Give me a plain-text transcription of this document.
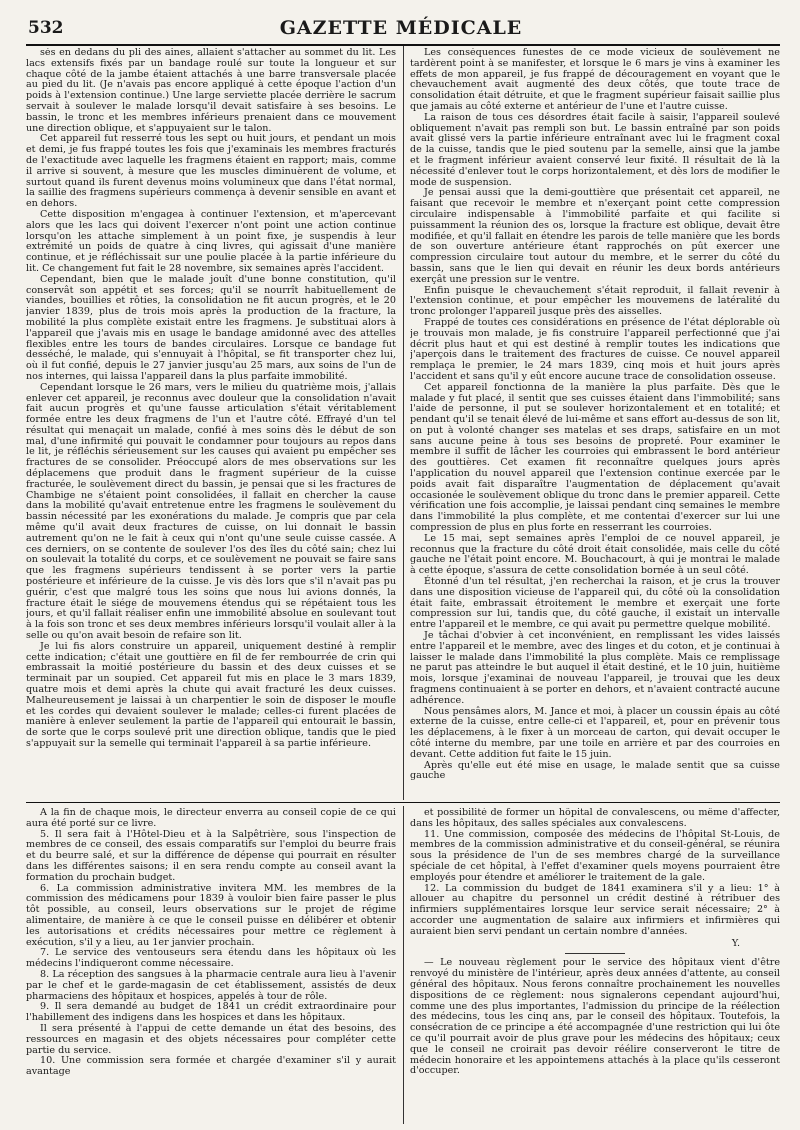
532	GAZETTE MÉDICALE

sés en dedans du pli des aines, allaient s'attacher au sommet du lit. Les lacs extensifs fixés par un bandage roulé sur toute la longueur et sur chaque côté de la jambe étaient attachés à une barre transversale placée au pied du lit. (Je n'avais pas encore appliqué à cette époque l'action d'un poids à l'extension continue.) Une large serviette placée derrière le sacrum servait à soulever le malade lorsqu'il devait satisfaire à ses besoins. Le bassin, le tronc et les membres inférieurs prenaient dans ce mouvement une direction oblique, et s'appuyaient sur le talon.

Cet appareil fut resserré tous les sept ou huit jours, et pendant un mois et demi, je fus frappé toutes les fois que j'examinais les membres fracturés de l'exactitude avec laquelle les fragmens étaient en rapport; mais, comme il arrive si souvent, à mesure que les muscles diminuèrent de volume, et surtout quand ils furent devenus moins volumineux que dans l'état normal, la saillie des fragmens supérieurs commença à devenir sensible en avant et en dehors.

Cette disposition m'engagea à continuer l'extension, et m'apercevant alors que les lacs qui doivent l'exercer n'ont point une action continue lorsqu'on les attache simplement à un point fixe, je suspendis à leur extrémité un poids de quatre à cinq livres, qui agissait d'une manière continue, et je réfléchissait sur une poulie placée à la partie inférieure du lit. Ce changement fut fait le 28 novembre, six semaines après l'accident.

Cependant, bien que le malade jouît d'une bonne constitution, qu'il conservât son appétit et ses forces; qu'il se nourrît habituellement de viandes, bouillies et rôties, la consolidation ne fit aucun progrès, et le 20 janvier 1839, plus de trois mois après la production de la fracture, la mobilité la plus complète existait entre les fragmens. Je substituai alors à l'appareil que j'avais mis en usage le bandage amidonné avec des attelles flexibles entre les tours de bandes circulaires. Lorsque ce bandage fut desséché, le malade, qui s'ennuyait à l'hôpital, se fit transporter chez lui, où il fut confié, depuis le 27 janvier jusqu'au 25 mars, aux soins de l'un de nos internes, qui laissa l'appareil dans la plus parfaite immobilité.

Cependant lorsque le 26 mars, vers le milieu du quatrième mois, j'allais enlever cet appareil, je reconnus avec douleur que la consolidation n'avait fait aucun progrès et qu'une fausse articulation s'était véritablement formée entre les deux fragmens de l'un et l'autre côté. Effrayé d'un tel résultat qui menaçait un malade, confié à mes soins dès le début de son mal, d'une infirmité qui pouvait le condamner pour toujours au repos dans le lit, je réfléchis sérieusement sur les causes qui avaient pu empêcher ses fractures de se consolider. Préoccupé alors de mes observations sur les déplacemens que produit dans le fragment supérieur de la cuisse fracturée, le soulèvement direct du bassin, je pensai que si les fractures de Chambige ne s'étaient point consolidées, il fallait en chercher la cause dans la mobilité qu'avait entretenue entre les fragmens le soulèvement du bassin nécessité par les exonérations du malade. Je compris que par cela même qu'il avait deux fractures de cuisse, on lui donnait le bassin autrement qu'on ne le fait à ceux qui n'ont qu'une seule cuisse cassée. A ces derniers, on se contente de soulever l'os des îles du côté sain; chez lui on soulevait la totalité du corps, et ce soulèvement ne pouvait se faire sans que les fragmens supérieurs tendissent à se porter vers la partie postérieure et inférieure de la cuisse. Je vis dès lors que s'il n'avait pas pu guérir, c'est que malgré tous les soins que nous lui avions donnés, la fracture était le siége de mouvemens étendus qui se répétaient tous les jours, et qu'il fallait réaliser enfin une immobilité absolue en soulevant tout à la fois son tronc et ses deux membres inférieurs lorsqu'il voulait aller à la selle ou qu'on avait besoin de refaire son lit.

Je lui fis alors construire un appareil, uniquement destiné à remplir cette indication; c'était une gouttière en fil de fer rembourrée de crin qui embrassait la moitié postérieure du bassin et des deux cuisses et se terminait par un soupied. Cet appareil fut mis en place le 3 mars 1839, quatre mois et demi après la chute qui avait fracturé les deux cuisses. Malheureusement je laissai à un charpentier le soin de disposer le moufle et les cordes qui devaient soulever le malade; celles-ci furent placées de manière à enlever seulement la partie de l'appareil qui entourait le bassin, de sorte que le corps soulevé prit une direction oblique, tandis que le pied s'appuyait sur la semelle qui terminait l'appareil à sa partie inférieure.

Les conséquences funestes de ce mode vicieux de soulèvement ne tardèrent point à se manifester, et lorsque le 6 mars je vins à examiner les effets de mon appareil, je fus frappé de découragement en voyant que le chevauchement avait augmenté des deux côtés, que toute trace de consolidation était détruite, et que le fragment supérieur faisait saillie plus que jamais au côté externe et antérieur de l'une et l'autre cuisse.

La raison de tous ces désordres était facile à saisir, l'appareil soulevé obliquement n'avait pas rempli son but. Le bassin entraîné par son poids avait glissé vers la partie inférieure entraînant avec lui le fragment coxal de la cuisse, tandis que le pied soutenu par la semelle, ainsi que la jambe et le fragment inférieur avaient conservé leur fixité. Il résultait de là la nécessité d'enlever tout le corps horizontalement, et dès lors de modifier le mode de suspension.

Je pensai aussi que la demi-gouttière que présentait cet appareil, ne faisant que recevoir le membre et n'exerçant point cette compression circulaire indispensable à l'immobilité parfaite et qui facilite si puissamment la réunion des os, lorsque la fracture est oblique, devait être modifiée, et qu'il fallait en étendre les parois de telle manière que les bords de son ouverture antérieure étant rapprochés on pût exercer une compression circulaire tout autour du membre, et le serrer du côté du bassin, sans que le lien qui devait en réunir les deux bords antérieurs exerçât une pression sur le ventre.

Enfin puisque le chevauchement s'était reproduit, il fallait revenir à l'extension continue, et pour empêcher les mouvemens de latéralité du tronc prolonger l'appareil jusque près des aisselles.

Frappé de toutes ces considérations en présence de l'état déplorable où je trouvais mon malade, je fis construire l'appareil perfectionné que j'ai décrit plus haut et qui est destiné à remplir toutes les indications que j'aperçois dans le traitement des fractures de cuisse. Ce nouvel appareil remplaça le premier, le 24 mars 1839, cinq mois et huit jours après l'accident et sans qu'il y eût encore aucune trace de consolidation osseuse.

Cet appareil fonctionna de la manière la plus parfaite. Dès que le malade y fut placé, il sentit que ses cuisses étaient dans l'immobilité; sans l'aide de personne, il put se soulever horizontalement et en totalité; et pendant qu'il se tenait élevé de lui-même et sans effort au-dessus de son lit, on put à volonté changer ses matelas et ses draps, satisfaire en un mot sans aucune peine à tous ses besoins de propreté. Pour examiner le membre il suffit de lâcher les courroies qui embrassent le bord antérieur des gouttières. Cet examen fit reconnaître quelques jours après l'application du nouvel appareil que l'extension continue exercée par le poids avait fait disparaître l'augmentation de déplacement qu'avait occasionée le soulèvement oblique du tronc dans le premier appareil. Cette vérification une fois accomplie, je laissai pendant cinq semaines le membre dans l'immobilité la plus complète, et me contentai d'exercer sur lui une compression de plus en plus forte en resserrant les courroies.

Le 15 mai, sept semaines après l'emploi de ce nouvel appareil, je reconnus que la fracture du côté droit était consolidée, mais celle du côté gauche ne l'était point encore. M. Bouchacourt, à qui je montrai le malade à cette époque, s'assura de cette consolidation bornée à un seul côté.

Étonné d'un tel résultat, j'en recherchai la raison, et je crus la trouver dans une disposition vicieuse de l'appareil qui, du côté où la consolidation était faite, embrassait étroitement le membre et exerçait une forte compression sur lui, tandis que, du côté gauche, il existait un intervalle entre l'appareil et le membre, ce qui avait pu permettre quelque mobilité.

Je tâchai d'obvier à cet inconvénient, en remplissant les vides laissés entre l'appareil et le membre, avec des linges et du coton, et je continuai à laisser le malade dans l'immobilité la plus complète. Mais ce remplissage ne parut pas atteindre le but auquel il était destiné, et le 10 juin, huitième mois, lorsque j'examinai de nouveau l'appareil, je trouvai que les deux fragmens continuaient à se porter en dehors, et n'avaient contracté aucune adhérence.

Nous pensâmes alors, M. Jance et moi, à placer un coussin épais au côté externe de la cuisse, entre celle-ci et l'appareil, et, pour en prévenir tous les déplacemens, à le fixer à un morceau de carton, qui devait occuper le côté interne du membre, par une toile en arrière et par des courroies en devant. Cette addition fut faite le 15 juin.

Après qu'elle eut été mise en usage, le malade sentit que sa cuisse gauche

A la fin de chaque mois, le directeur enverra au conseil copie de ce qui aura été porté sur ce livre.

5. Il sera fait à l'Hôtel-Dieu et à la Salpêtrière, sous l'inspection de membres de ce conseil, des essais comparatifs sur l'emploi du beurre frais et du beurre salé, et sur la différence de dépense qui pourrait en résulter dans les différentes saisons; il en sera rendu compte au conseil avant la formation du prochain budget.

6. La commission administrative invitera MM. les membres de la commission des médicamens pour 1839 à vouloir bien faire passer le plus tôt possible, au conseil, leurs observations sur le projet de régime alimentaire, de manière à ce que le conseil puisse en délibérer et obtenir les autorisations et crédits nécessaires pour mettre ce règlement à exécution, s'il y a lieu, au 1er janvier prochain.

7. Le service des ventouseurs sera étendu dans les hôpitaux où les médecins l'indiqueront comme nécessaire.

8. La réception des sangsues à la pharmacie centrale aura lieu à l'avenir par le chef et le garde-magasin de cet établissement, assistés de deux pharmaciens des hôpitaux et hospices, appelés à tour de rôle.

9. Il sera demandé au budget de 1841 un crédit extraordinaire pour l'habillement des indigens dans les hospices et dans les hôpitaux.

Il sera présenté à l'appui de cette demande un état des besoins, des ressources en magasin et des objets nécessaires pour compléter cette partie du service.

10. Une commission sera formée et chargée d'examiner s'il y aurait avantage

et possibilité de former un hôpital de convalescens, ou même d'affecter, dans les hôpitaux, des salles spéciales aux convalescens.

11. Une commission, composée des médecins de l'hôpital St-Louis, de membres de la commission administrative et du conseil-général, se réunira sous la présidence de l'un de ses membres chargé de la surveillance spéciale de cet hôpital, à l'effet d'examiner quels moyens pourraient être employés pour étendre et améliorer le traitement de la gale.

12. La commission du budget de 1841 examinera s'il y a lieu: 1° à allouer au chapitre du personnel un crédit destiné à rétribuer des infirmiers supplémentaires lorsque leur service serait nécessaire; 2° à accorder une augmentation de salaire aux infirmiers et infirmières qui auraient bien servi pendant un certain nombre d'années.

Y.

— Le nouveau règlement pour le service des hôpitaux vient d'être renvoyé du ministère de l'intérieur, après deux années d'attente, au conseil général des hôpitaux. Nous ferons connaître prochainement les nouvelles dispositions de ce règlement: nous signalerons cependant aujourd'hui, comme une des plus importantes, l'admission du principe de la réélection des médecins, tous les cinq ans, par le conseil des hôpitaux. Toutefois, la consécration de ce principe a été accompagnée d'une restriction qui lui ôte ce qu'il pourrait avoir de plus grave pour les médecins des hôpitaux; ceux que le conseil ne croirait pas devoir réélire conserveront le titre de médecin honoraire et les appointemens attachés à la place qu'ils cesseront d'occuper.
